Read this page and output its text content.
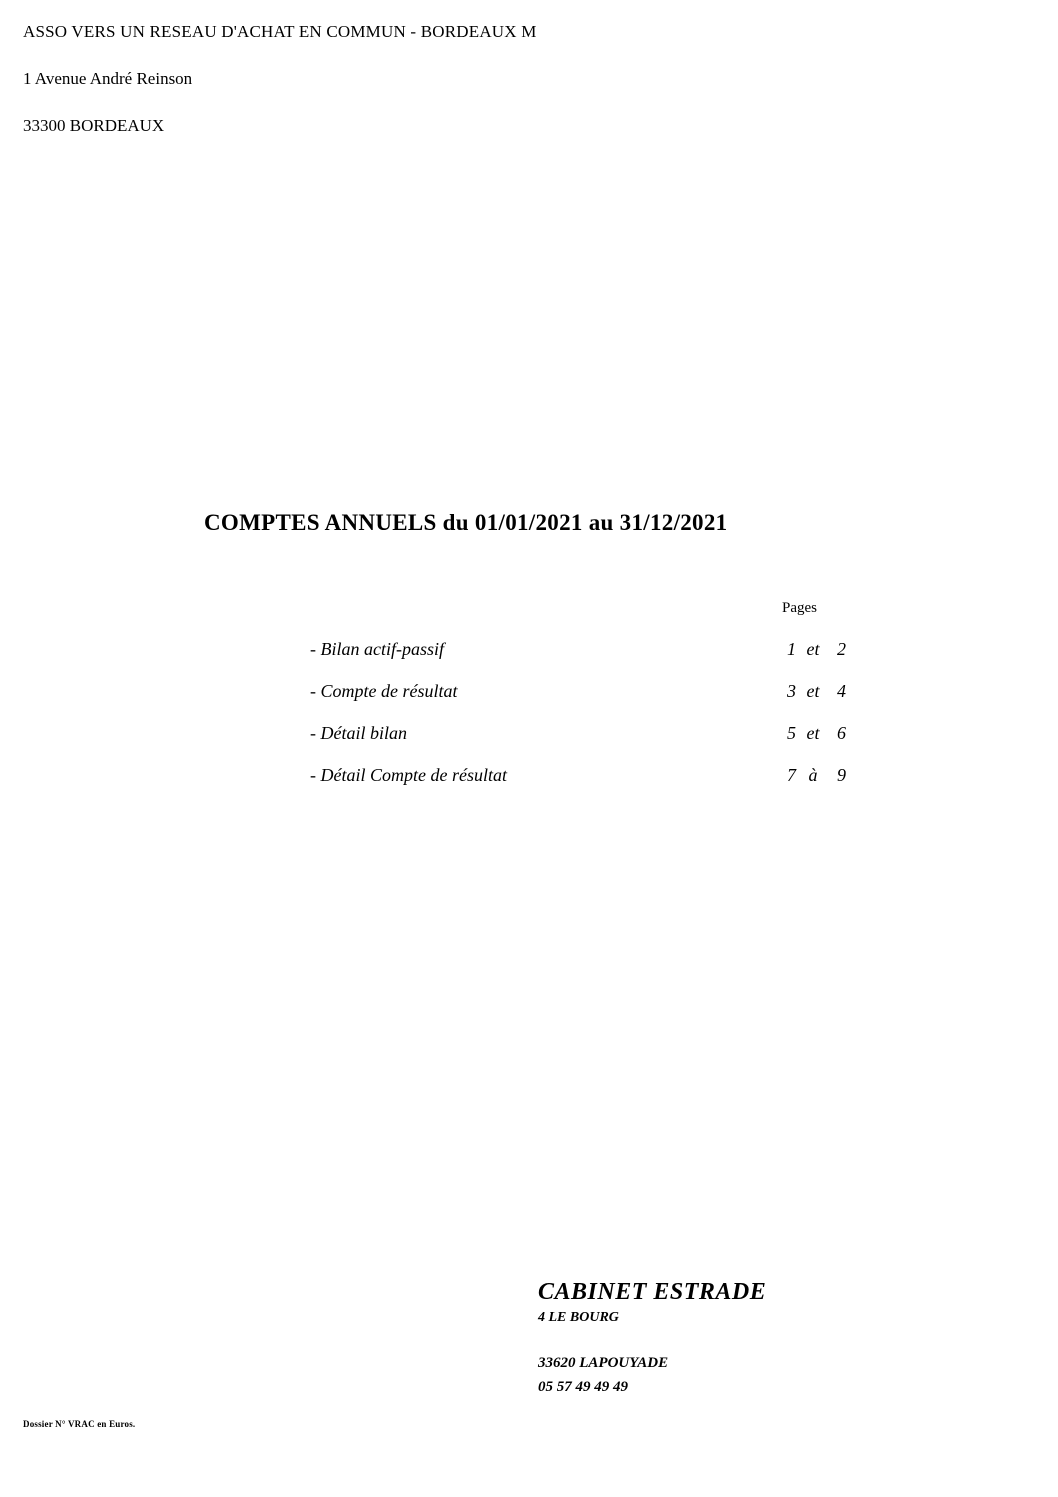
ASSO VERS UN RESEAU D'ACHAT EN COMMUN - BORDEAUX M
1 Avenue André Reinson
33300 BORDEAUX
COMPTES ANNUELS du 01/01/2021 au 31/12/2021
Pages
- Bilan actif-passif	1 et 2
- Compte de résultat	3 et 4
- Détail bilan	5 et 6
- Détail Compte de résultat	7 à	9
CABINET ESTRADE
4 LE BOURG
33620 LAPOUYADE
05 57 49 49 49
Dossier N° VRAC en Euros.
